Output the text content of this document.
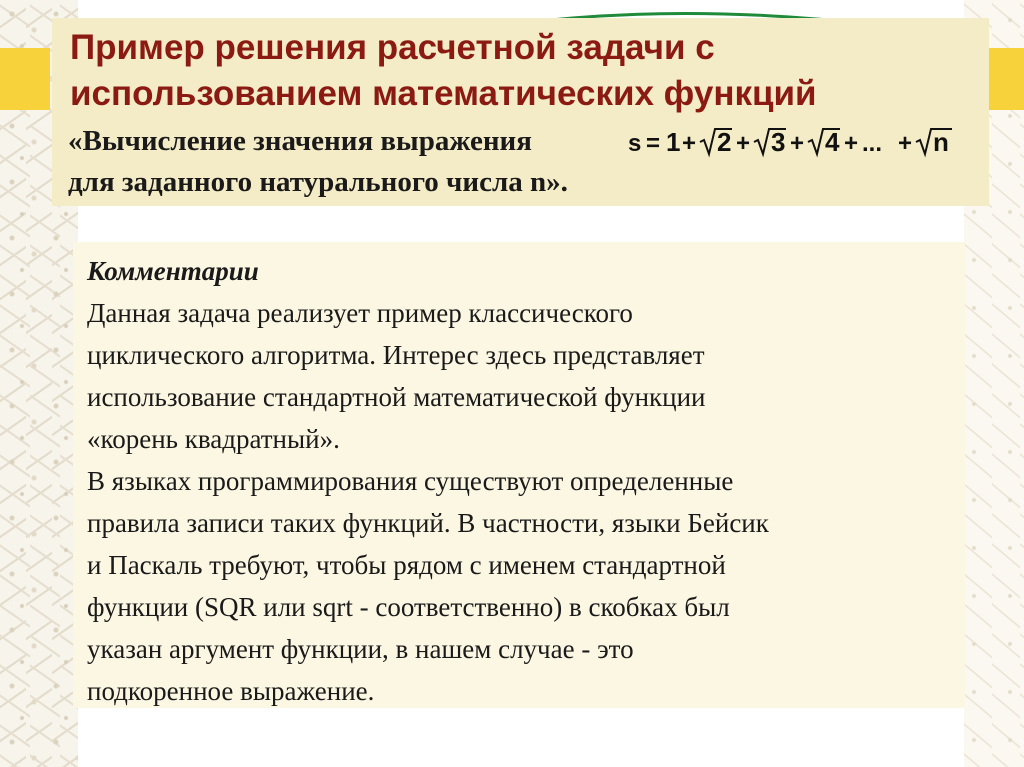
Пример решения расчетной задачи с
использованием математических функций
«Вычисление значения выражения
для заданного натурального числа n».
s = 1 + 2 + 3 + 4 + ... + n
Комментарии
Данная задача реализует пример классического
циклического алгоритма. Интерес здесь представляет
использование стандартной математической функции
«корень квадратный».
В языках программирования существуют определенные
правила записи таких функций. В частности, языки Бейсик
и Паскаль требуют, чтобы рядом с именем стандартной
функции (SQR или sqrt - соответственно) в скобках был
указан аргумент функции, в нашем случае - это
подкоренное выражение.
